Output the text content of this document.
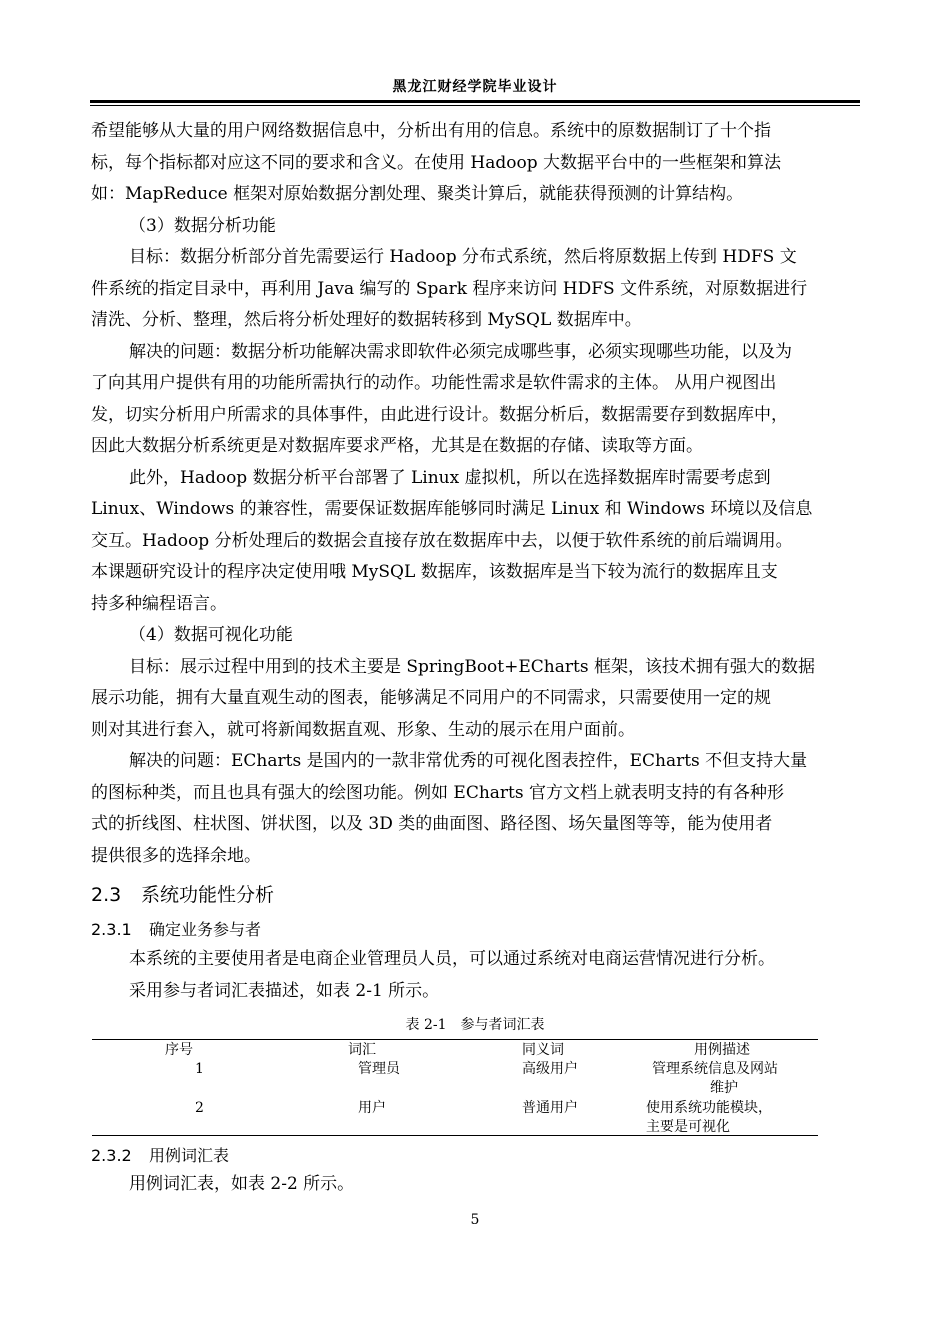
黑龙江财经学院毕业设计

希望能够从大量的用户网络数据信息中，分析出有用的信息。系统中的原数据制订了十个指

标，每个指标都对应这不同的要求和含义。在使用 Hadoop 大数据平台中的一些框架和算法

如：MapReduce 框架对原始数据分割处理、聚类计算后，就能获得预测的计算结构。

（3）数据分析功能

目标：数据分析部分首先需要运行 Hadoop 分布式系统，然后将原数据上传到 HDFS 文

件系统的指定目录中，再利用 Java 编写的 Spark 程序来访问 HDFS 文件系统，对原数据进行

清洗、分析、整理，然后将分析处理好的数据转移到 MySQL 数据库中。

解决的问题：数据分析功能解决需求即软件必须完成哪些事，必须实现哪些功能，以及为

了向其用户提供有用的功能所需执行的动作。功能性需求是软件需求的主体。 从用户视图出

发，切实分析用户所需求的具体事件，由此进行设计。数据分析后，数据需要存到数据库中，

因此大数据分析系统更是对数据库要求严格，尤其是在数据的存储、读取等方面。

此外，Hadoop 数据分析平台部署了 Linux 虚拟机，所以在选择数据库时需要考虑到

Linux、Windows 的兼容性，需要保证数据库能够同时满足 Linux 和 Windows 环境以及信息

交互。Hadoop 分析处理后的数据会直接存放在数据库中去，以便于软件系统的前后端调用。

本课题研究设计的程序决定使用哦 MySQL 数据库，该数据库是当下较为流行的数据库且支

持多种编程语言。

（4）数据可视化功能

目标：展示过程中用到的技术主要是 SpringBoot+ECharts 框架，该技术拥有强大的数据

展示功能，拥有大量直观生动的图表，能够满足不同用户的不同需求，只需要使用一定的规

则对其进行套入，就可将新闻数据直观、形象、生动的展示在用户面前。

解决的问题：ECharts 是国内的一款非常优秀的可视化图表控件，ECharts 不但支持大量

的图标种类，而且也具有强大的绘图功能。例如 ECharts 官方文档上就表明支持的有各种形

式的折线图、柱状图、饼状图，以及 3D 类的曲面图、路径图、场矢量图等等，能为使用者

提供很多的选择余地。

2.3 系统功能性分析
2.3.1 确定业务参与者

本系统的主要使用者是电商企业管理员人员，可以通过系统对电商运营情况进行分析。

采用参与者词汇表描述，如表 2-1 所示。

表 2-1　参与者词汇表
序号	词汇	同义词	用例描述
1	管理员	高级用户	管理系统信息及网站
维护
2	用户	普通用户	使用系统功能模块，
主要是可视化
2.3.2 用例词汇表

用例词汇表，如表 2-2 所示。

5
